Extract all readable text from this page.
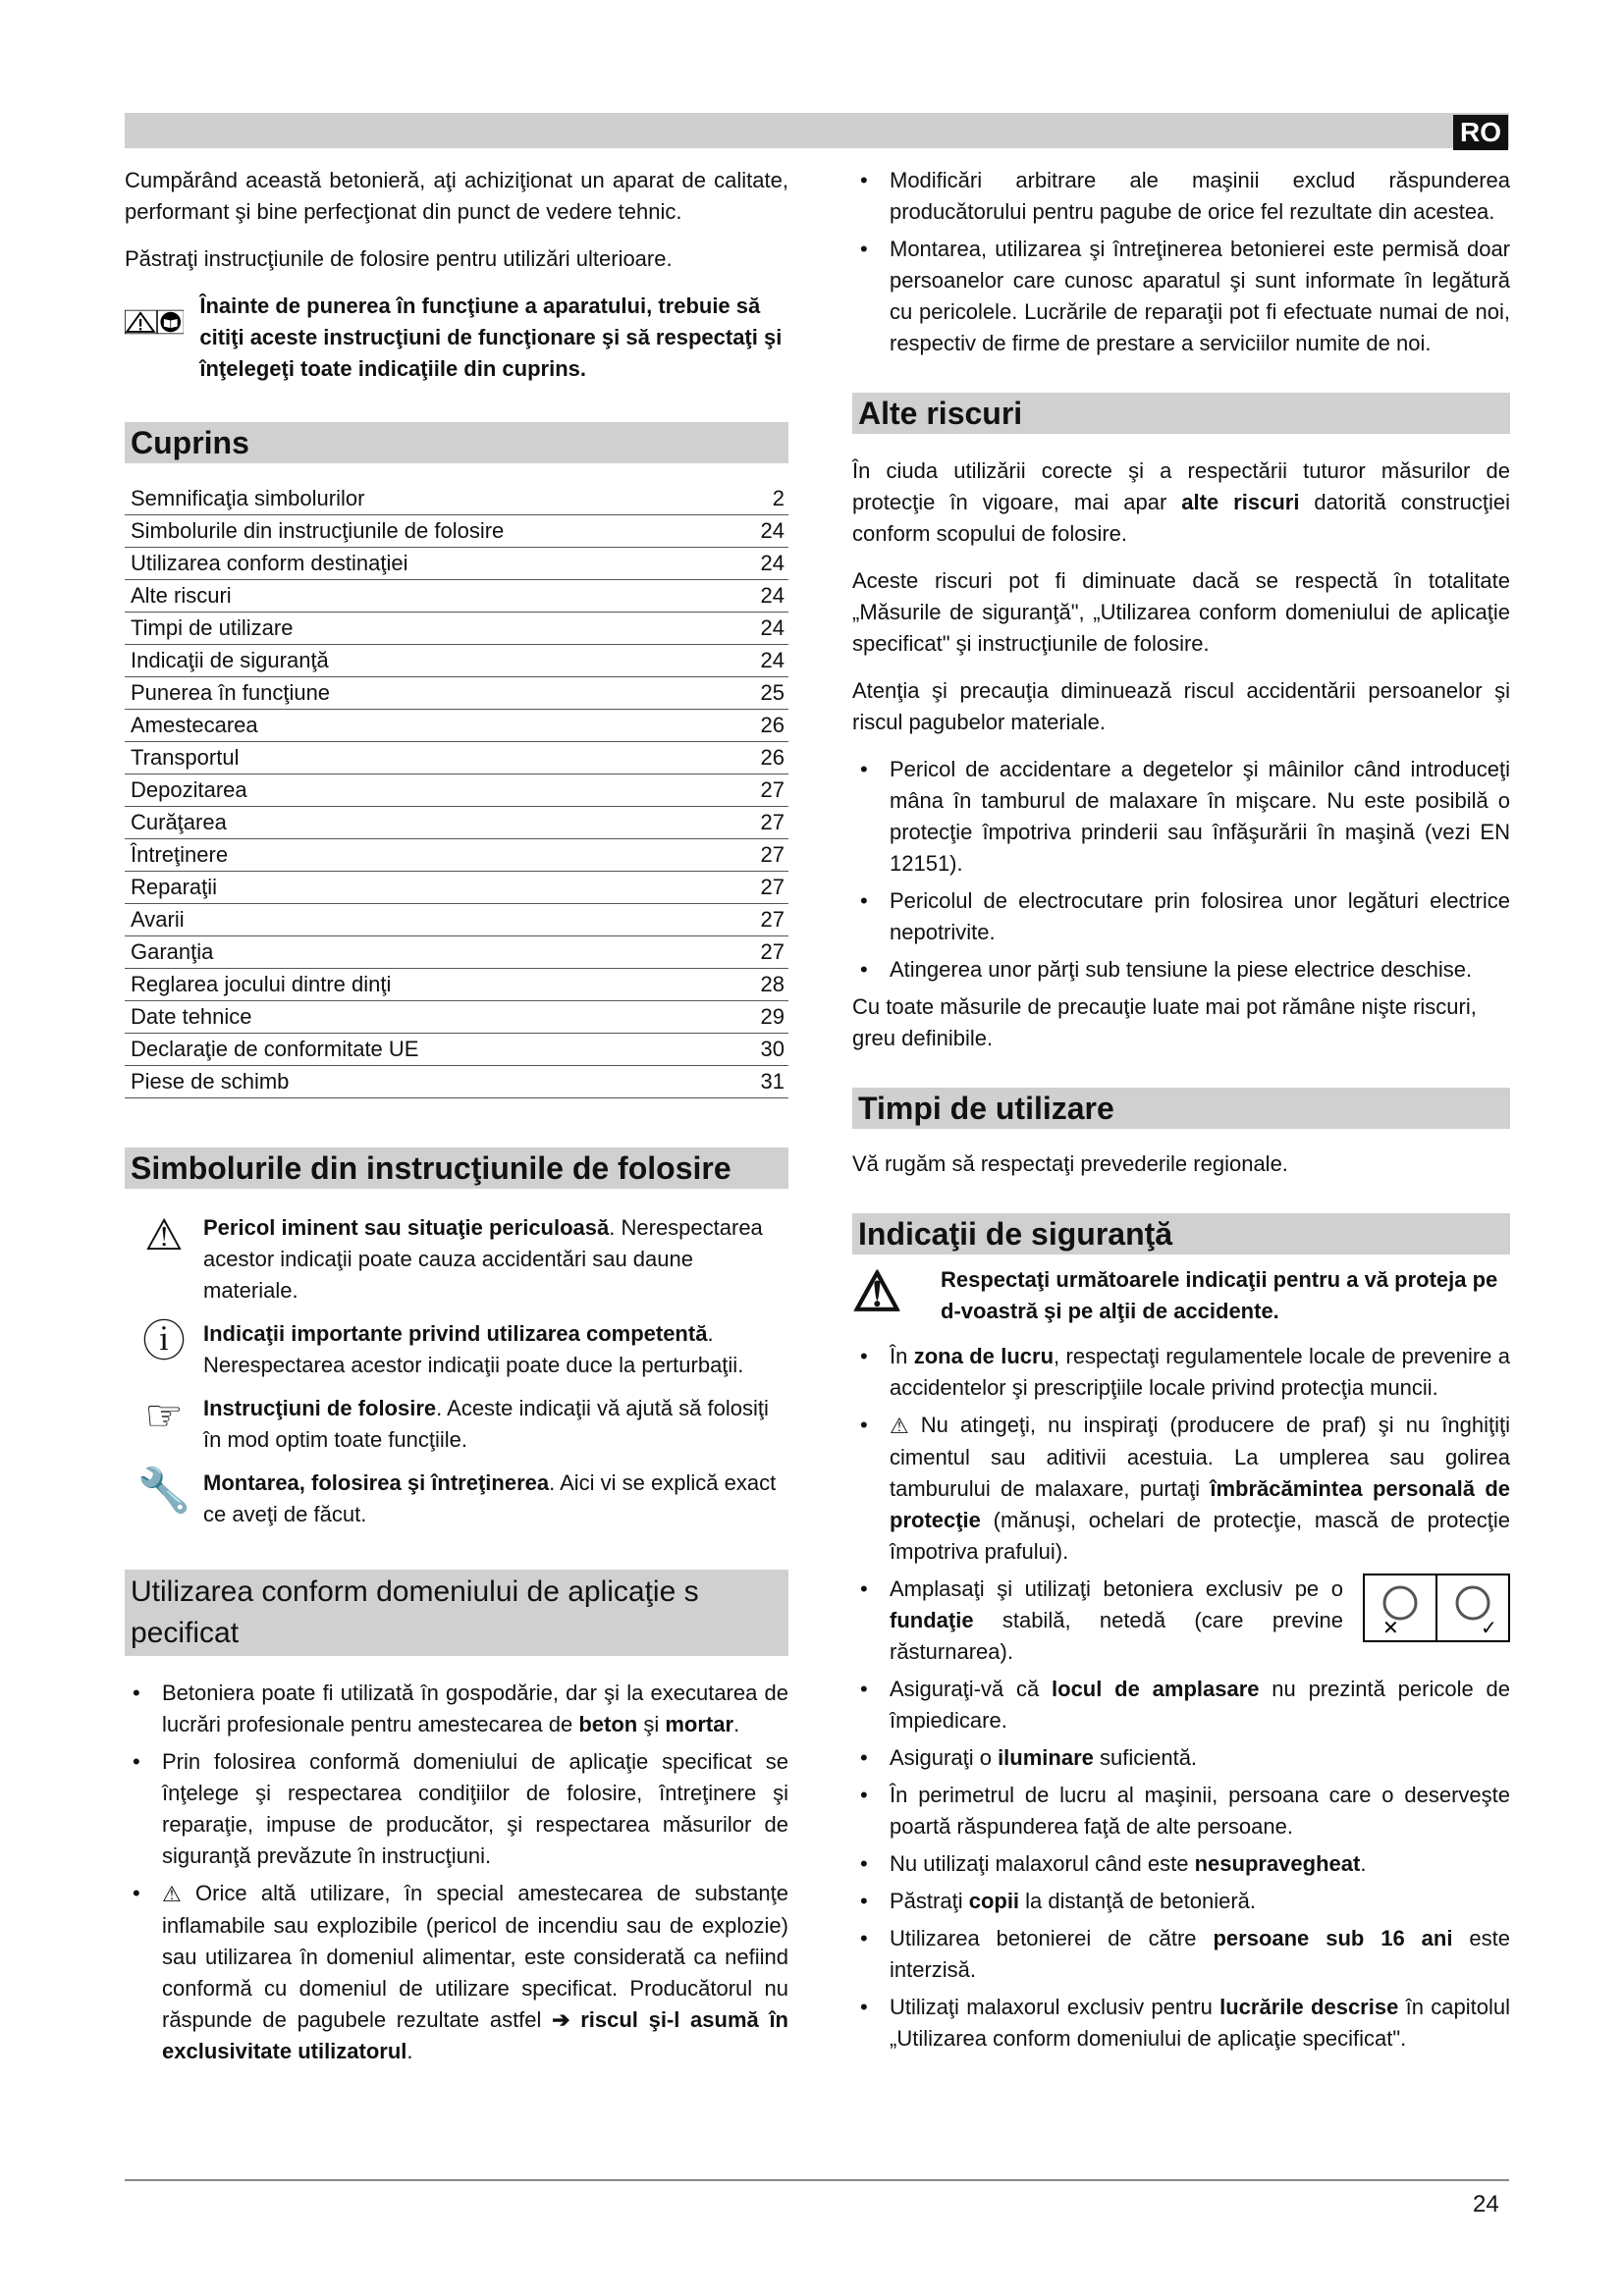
RO

Cumpărând această betonieră, aţi achiziţionat un aparat de calitate, performant şi bine perfecţionat din punct de vedere tehnic.

Păstraţi instrucţiunile de folosire pentru utilizări ulterioare.

Înainte de punerea în funcţiune a aparatului, trebuie să citiţi aceste instrucţiuni de funcţionare şi să respectaţi şi înţelegeţi toate indicaţiile din cuprins.
Cuprins
Semnificaţia simbolurilor	2
Simbolurile din instrucţiunile de folosire	24
Utilizarea conform destinaţiei	24
Alte riscuri	24
Timpi de utilizare	24
Indicaţii de siguranţă	24
Punerea în funcţiune	25
Amestecarea	26
Transportul	26
Depozitarea	27
Curăţarea	27
Întreţinere	27
Reparaţii	27
Avarii	27
Garanţia	27
Reglarea jocului dintre dinţi	28
Date tehnice	29
Declaraţie de conformitate UE	30
Piese de schimb	31
Simbolurile din instrucţiunile de folosire
⚠ Pericol iminent sau situaţie periculoasă. Nerespectarea acestor indicaţii poate cauza accidentări sau daune materiale.
ⓘ Indicaţii importante privind utilizarea competentă. Nerespectarea acestor indicaţii poate duce la perturbaţii.
☞ Instrucţiuni de folosire. Aceste indicaţii vă ajută să folosiţi în mod optim toate funcţiile.
🔧 Montarea, folosirea şi întreţinerea. Aici vi se explică exact ce aveţi de făcut.
Utilizarea conform domeniului de aplicaţie s pecificat
• Betoniera poate fi utilizată în gospodărie, dar şi la executarea de lucrări profesionale pentru amestecarea de beton şi mortar.
• Prin folosirea conformă domeniului de aplicaţie specificat se înţelege şi respectarea condiţiilor de folosire, întreţinere şi reparaţie, impuse de producător, şi respectarea măsurilor de siguranţă prevăzute în instrucţiuni.
• ⚠ Orice altă utilizare, în special amestecarea de substanţe inflamabile sau explozibile (pericol de incendiu sau de explozie) sau utilizarea în domeniul alimentar, este considerată ca nefiind conformă cu domeniul de utilizare specificat. Producătorul nu răspunde de pagubele rezultate astfel ➔ riscul şi-l asumă în exclusivitate utilizatorul.
• Modificări arbitrare ale maşinii exclud răspunderea producătorului pentru pagube de orice fel rezultate din acestea.
• Montarea, utilizarea şi întreţinerea betonierei este permisă doar persoanelor care cunosc aparatul şi sunt informate în legătură cu pericolele. Lucrările de reparaţii pot fi efectuate numai de noi, respectiv de firme de prestare a serviciilor numite de noi.
Alte riscuri

În ciuda utilizării corecte şi a respectării tuturor măsurilor de protecţie în vigoare, mai apar alte riscuri datorită construcţiei conform scopului de folosire.

Aceste riscuri pot fi diminuate dacă se respectă în totalitate „Măsurile de siguranţă", „Utilizarea conform domeniului de aplicaţie specificat" şi instrucţiunile de folosire.

Atenţia şi precauţia diminuează riscul accidentării persoanelor şi riscul pagubelor materiale.

• Pericol de accidentare a degetelor şi mâinilor când introduceţi mâna în tamburul de malaxare în mişcare. Nu este posibilă o protecţie împotriva prinderii sau înfăşurării în maşină (vezi EN 12151).
• Pericolul de electrocutare prin folosirea unor legături electrice nepotrivite.
• Atingerea unor părţi sub tensiune la piese electrice deschise.

Cu toate măsurile de precauţie luate mai pot rămâne nişte riscuri, greu definibile.

Timpi de utilizare

Vă rugăm să respectaţi prevederile regionale.

Indicaţii de siguranţă
⚠	Respectaţi următoarele indicaţii pentru a vă proteja pe d-voastră şi pe alţii de accidente.
• În zona de lucru, respectaţi regulamentele locale de prevenire a accidentelor şi prescripţiile locale privind protecţia muncii.
• ⚠ Nu atingeţi, nu inspiraţi (producere de praf) şi nu înghiţiţi cimentul sau aditivii acestuia. La umplerea sau golirea tamburului de malaxare, purtaţi îmbrăcămintea personală de protecţie (mănuşi, ochelari de protecţie, mască de protecţie împotriva prafului).
• Amplasaţi şi utilizaţi betoniera exclusiv pe o fundaţie stabilă, netedă (care previne răsturnarea).
✕	✓
• Asiguraţi-vă că locul de amplasare nu prezintă pericole de împiedicare.
• Asiguraţi o iluminare suficientă.
• În perimetrul de lucru al maşinii, persoana care o deserveşte poartă răspunderea faţă de alte persoane.
• Nu utilizaţi malaxorul când este nesupravegheat.
• Păstraţi copii la distanţă de betonieră.
• Utilizarea betonierei de către persoane sub 16 ani este interzisă.
• Utilizaţi malaxorul exclusiv pentru lucrările descrise în capitolul „Utilizarea conform domeniului de aplicaţie specificat".
24
